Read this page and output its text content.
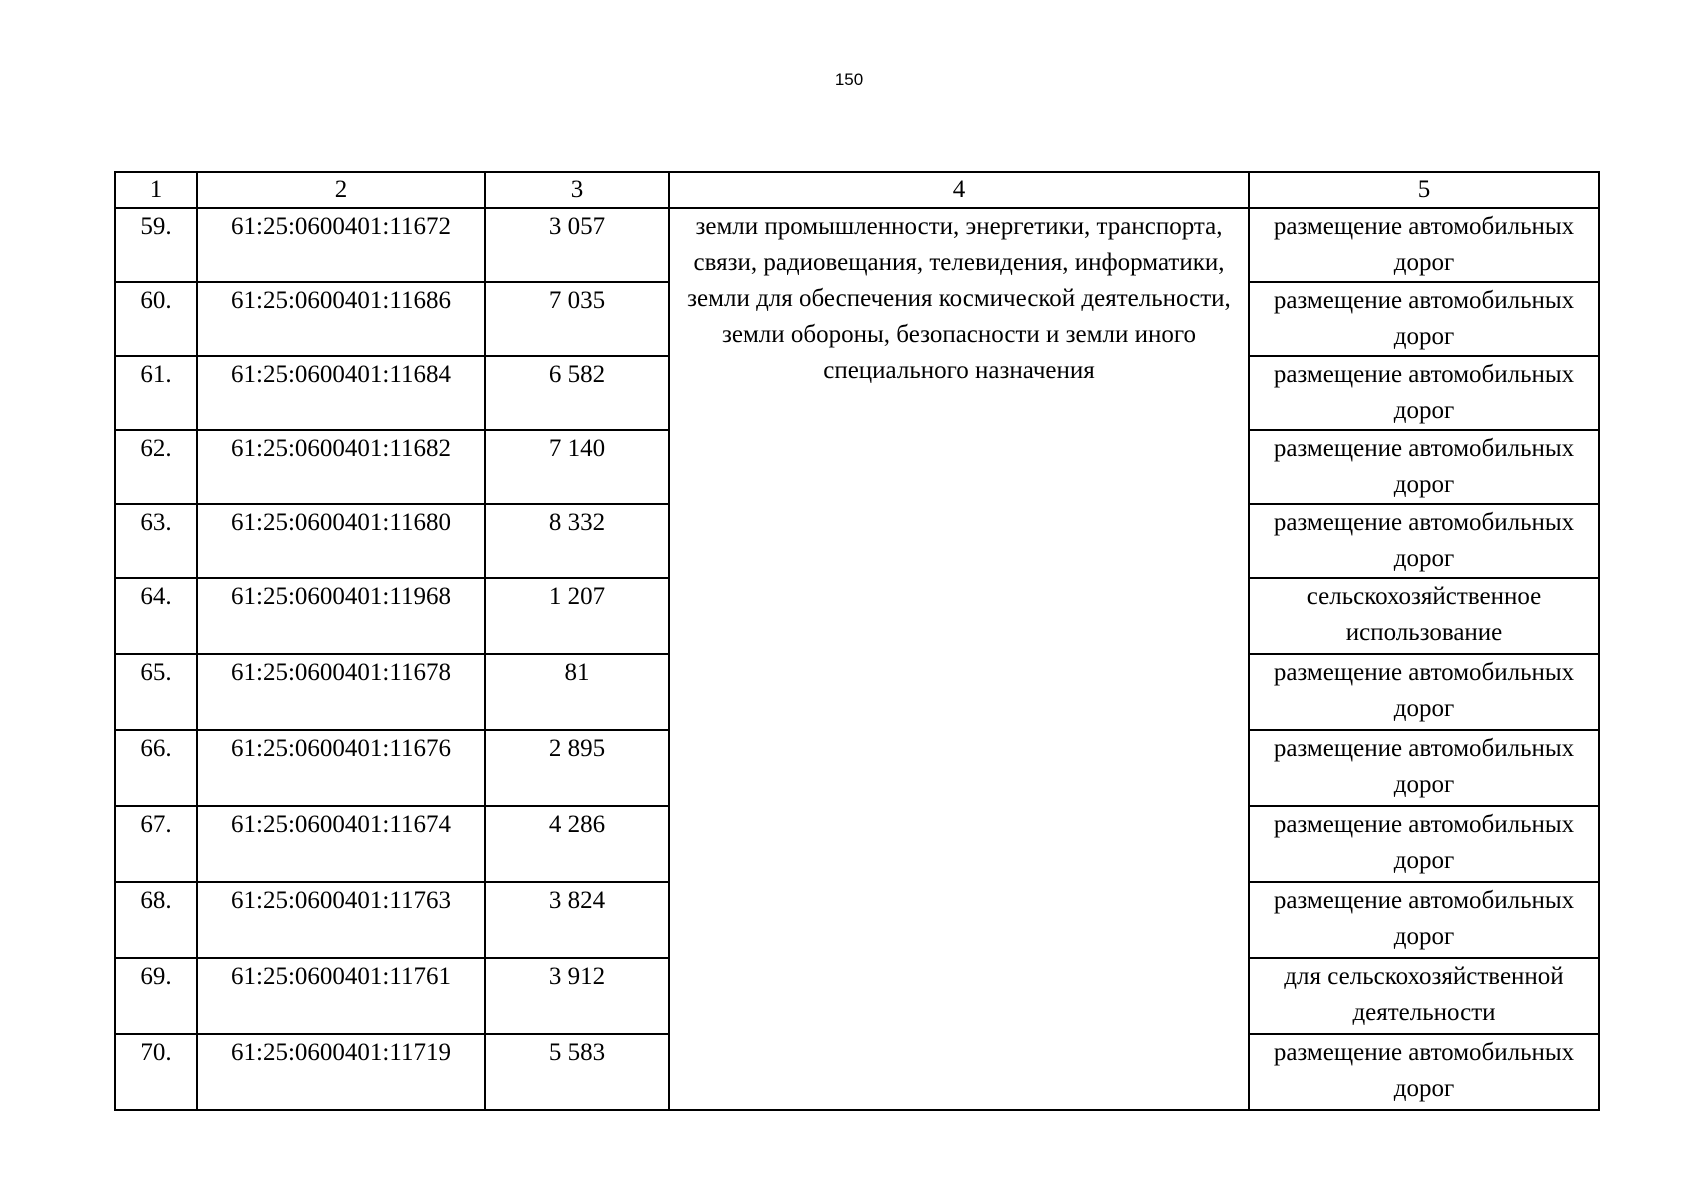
150
1	2	3	4	5
59.	61:25:0600401:11672	3 057	земли промышленности, энергетики, транспорта, связи, радиовещания, телевидения, информатики, земли для обеспечения космической деятельности, земли обороны, безопасности и земли иного специального назначения	размещение автомобильных дорог
60.	61:25:0600401:11686	7 035		размещение автомобильных дорог
61.	61:25:0600401:11684	6 582		размещение автомобильных дорог
62.	61:25:0600401:11682	7 140		размещение автомобильных дорог
63.	61:25:0600401:11680	8 332		размещение автомобильных дорог
64.	61:25:0600401:11968	1 207		сельскохозяйственное использование
65.	61:25:0600401:11678	81		размещение автомобильных дорог
66.	61:25:0600401:11676	2 895		размещение автомобильных дорог
67.	61:25:0600401:11674	4 286		размещение автомобильных дорог
68.	61:25:0600401:11763	3 824		размещение автомобильных дорог
69.	61:25:0600401:11761	3 912		для сельскохозяйственной деятельности
70.	61:25:0600401:11719	5 583		размещение автомобильных дорог
